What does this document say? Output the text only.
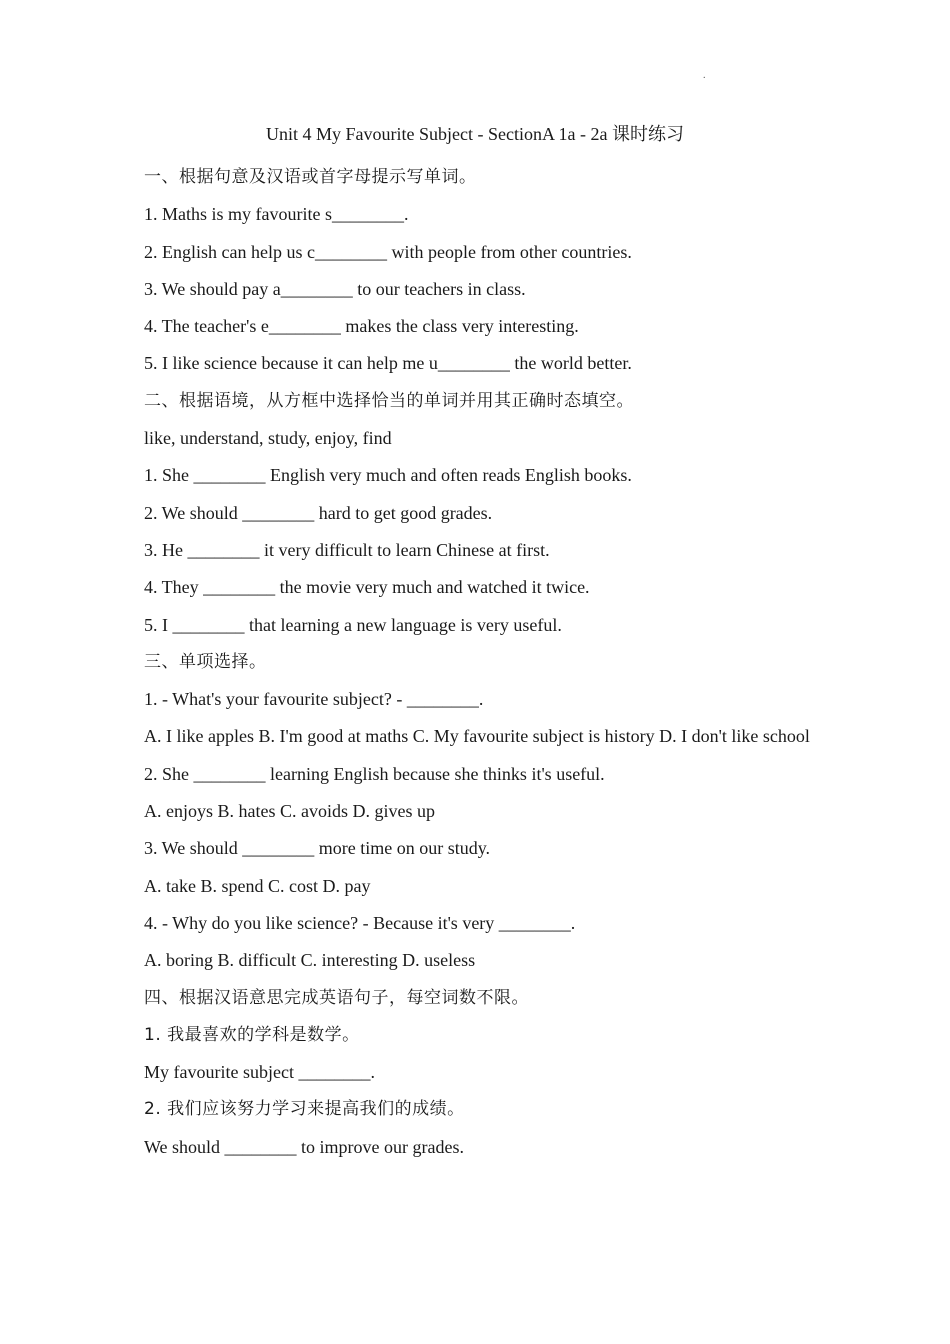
.
Unit 4 My Favourite Subject - SectionA 1a - 2a 课时练习
一、根据句意及汉语或首字母提示写单词。
1. Maths is my favourite s________.
2. English can help us c________ with people from other countries.
3. We should pay a________ to our teachers in class.
4. The teacher's e________ makes the class very interesting.
5. I like science because it can help me u________ the world better.
二、根据语境，从方框中选择恰当的单词并用其正确时态填空。
like, understand, study, enjoy, find
1. She ________ English very much and often reads English books.
2. We should ________ hard to get good grades.
3. He ________ it very difficult to learn Chinese at first.
4. They ________ the movie very much and watched it twice.
5. I ________ that learning a new language is very useful.
三、单项选择。
1. - What's your favourite subject? - ________.
A. I like apples B. I'm good at maths C. My favourite subject is history D. I don't like school
2. She ________ learning English because she thinks it's useful.
A. enjoys B. hates C. avoids D. gives up
3. We should ________ more time on our study.
A. take B. spend C. cost D. pay
4. - Why do you like science? - Because it's very ________.
A. boring B. difficult C. interesting D. useless
四、根据汉语意思完成英语句子，每空词数不限。
1. 我最喜欢的学科是数学。
My favourite subject ________.
2. 我们应该努力学习来提高我们的成绩。
We should ________ to improve our grades.
